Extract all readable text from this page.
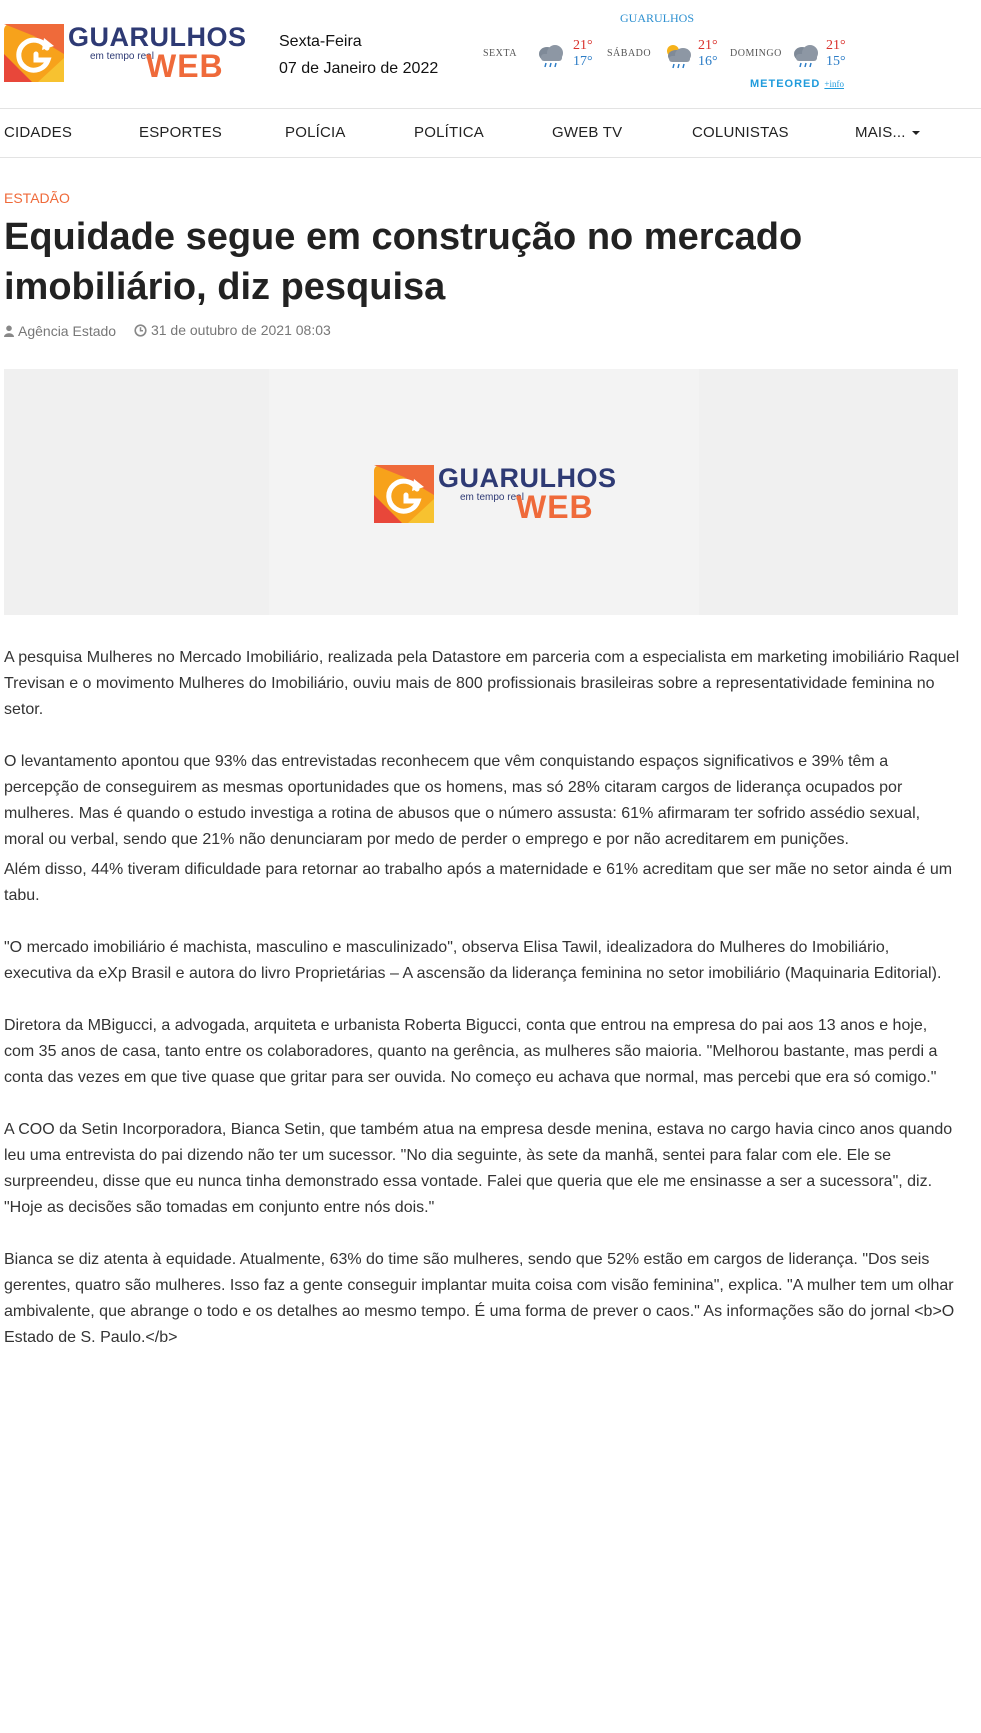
GUARULHOS
em tempo real
WEB
Sexta-Feira
07 de Janeiro de 2022
GUARULHOS
SEXTA
21°
17°
SÁBADO
21°
16°
DOMINGO
21°
15°
METEORED +info
CIDADES	ESPORTES	POLÍCIA	POLÍTICA	GWEB TV	COLUNISTAS	MAIS...
ESTADÃO
Equidade segue em construção no mercado imobiliário, diz pesquisa
Agência Estado
31 de outubro de 2021 08:03
GUARULHOS
em tempo real
WEB

A pesquisa Mulheres no Mercado Imobiliário, realizada pela Datastore em parceria com a especialista em marketing imobiliário Raquel Trevisan e o movimento Mulheres do Imobiliário, ouviu mais de 800 profissionais brasileiras sobre a representatividade feminina no setor.

O levantamento apontou que 93% das entrevistadas reconhecem que vêm conquistando espaços significativos e 39% têm a percepção de conseguirem as mesmas oportunidades que os homens, mas só 28% citaram cargos de liderança ocupados por mulheres. Mas é quando o estudo investiga a rotina de abusos que o número assusta: 61% afirmaram ter sofrido assédio sexual, moral ou verbal, sendo que 21% não denunciaram por medo de perder o emprego e por não acreditarem em punições.

Além disso, 44% tiveram dificuldade para retornar ao trabalho após a maternidade e 61% acreditam que ser mãe no setor ainda é um tabu.

"O mercado imobiliário é machista, masculino e masculinizado", observa Elisa Tawil, idealizadora do Mulheres do Imobiliário, executiva da eXp Brasil e autora do livro Proprietárias – A ascensão da liderança feminina no setor imobiliário (Maquinaria Editorial).

Diretora da MBigucci, a advogada, arquiteta e urbanista Roberta Bigucci, conta que entrou na empresa do pai aos 13 anos e hoje, com 35 anos de casa, tanto entre os colaboradores, quanto na gerência, as mulheres são maioria. "Melhorou bastante, mas perdi a conta das vezes em que tive quase que gritar para ser ouvida. No começo eu achava que normal, mas percebi que era só comigo."

A COO da Setin Incorporadora, Bianca Setin, que também atua na empresa desde menina, estava no cargo havia cinco anos quando leu uma entrevista do pai dizendo não ter um sucessor. "No dia seguinte, às sete da manhã, sentei para falar com ele. Ele se surpreendeu, disse que eu nunca tinha demonstrado essa vontade. Falei que queria que ele me ensinasse a ser a sucessora", diz. "Hoje as decisões são tomadas em conjunto entre nós dois."

Bianca se diz atenta à equidade. Atualmente, 63% do time são mulheres, sendo que 52% estão em cargos de liderança. "Dos seis gerentes, quatro são mulheres. Isso faz a gente conseguir implantar muita coisa com visão feminina", explica. "A mulher tem um olhar ambivalente, que abrange o todo e os detalhes ao mesmo tempo. É uma forma de prever o caos." As informações são do jornal <b>O Estado de S. Paulo.</b>
